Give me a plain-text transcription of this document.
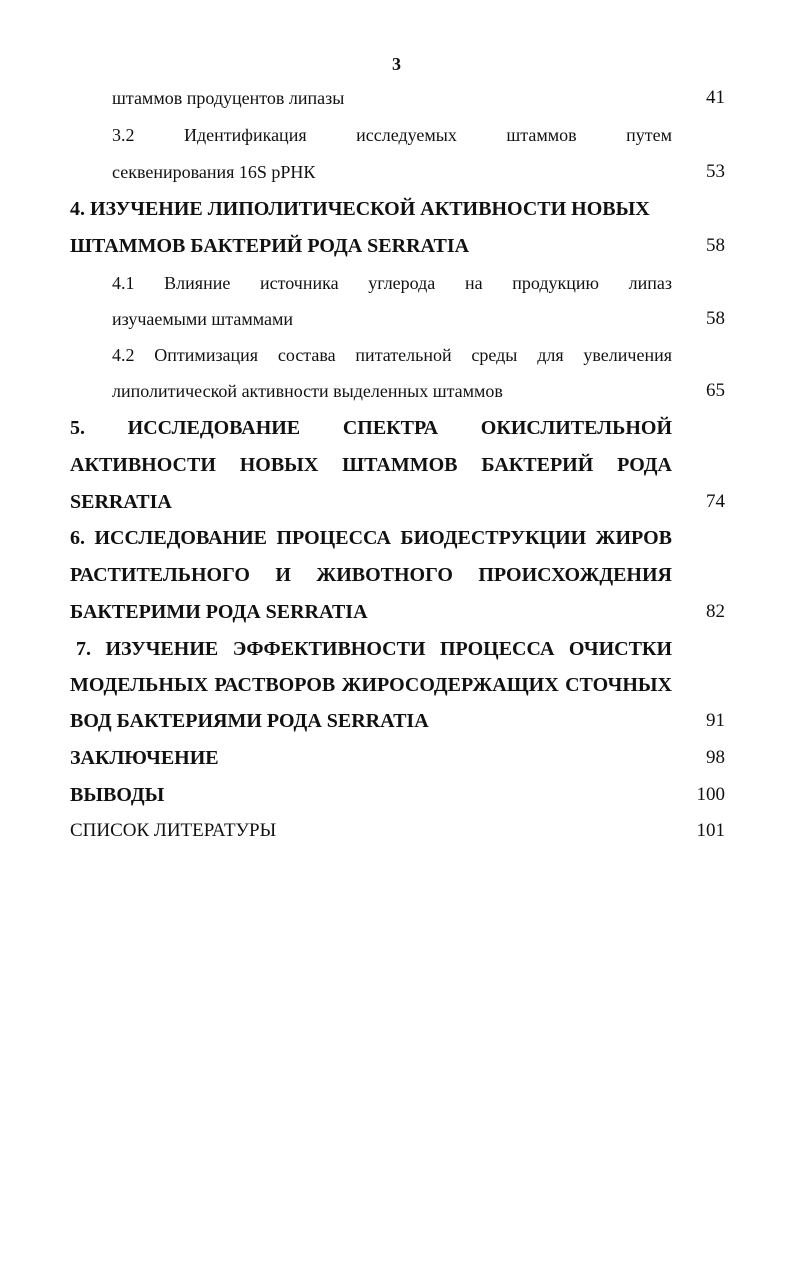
3
штаммов продуцентов липазы	41
3.2 Идентификация исследуемых штаммов путем
секвенирования 16S рРНК	53
4. ИЗУЧЕНИЕ ЛИПОЛИТИЧЕСКОЙ АКТИВНОСТИ НОВЫХ
ШТАММОВ БАКТЕРИЙ РОДА SERRATIA	58
4.1 Влияние источника углерода на продукцию липаз
изучаемыми штаммами	58
4.2 Оптимизация состава питательной среды для увеличения
липолитической активности выделенных штаммов	65
5. ИССЛЕДОВАНИЕ СПЕКТРА ОКИСЛИТЕЛЬНОЙ
АКТИВНОСТИ НОВЫХ ШТАММОВ БАКТЕРИЙ РОДА
SERRATIA	74
6. ИССЛЕДОВАНИЕ ПРОЦЕССА БИОДЕСТРУКЦИИ ЖИРОВ
РАСТИТЕЛЬНОГО И ЖИВОТНОГО ПРОИСХОЖДЕНИЯ
БАКТЕРИМИ РОДА SERRATIA	82
7. ИЗУЧЕНИЕ ЭФФЕКТИВНОСТИ ПРОЦЕССА ОЧИСТКИ
МОДЕЛЬНЫХ РАСТВОРОВ ЖИРОСОДЕРЖАЩИХ СТОЧНЫХ
ВОД БАКТЕРИЯМИ РОДА SERRATIA	91
ЗАКЛЮЧЕНИЕ	98
ВЫВОДЫ	100
СПИСОК ЛИТЕРАТУРЫ	101
